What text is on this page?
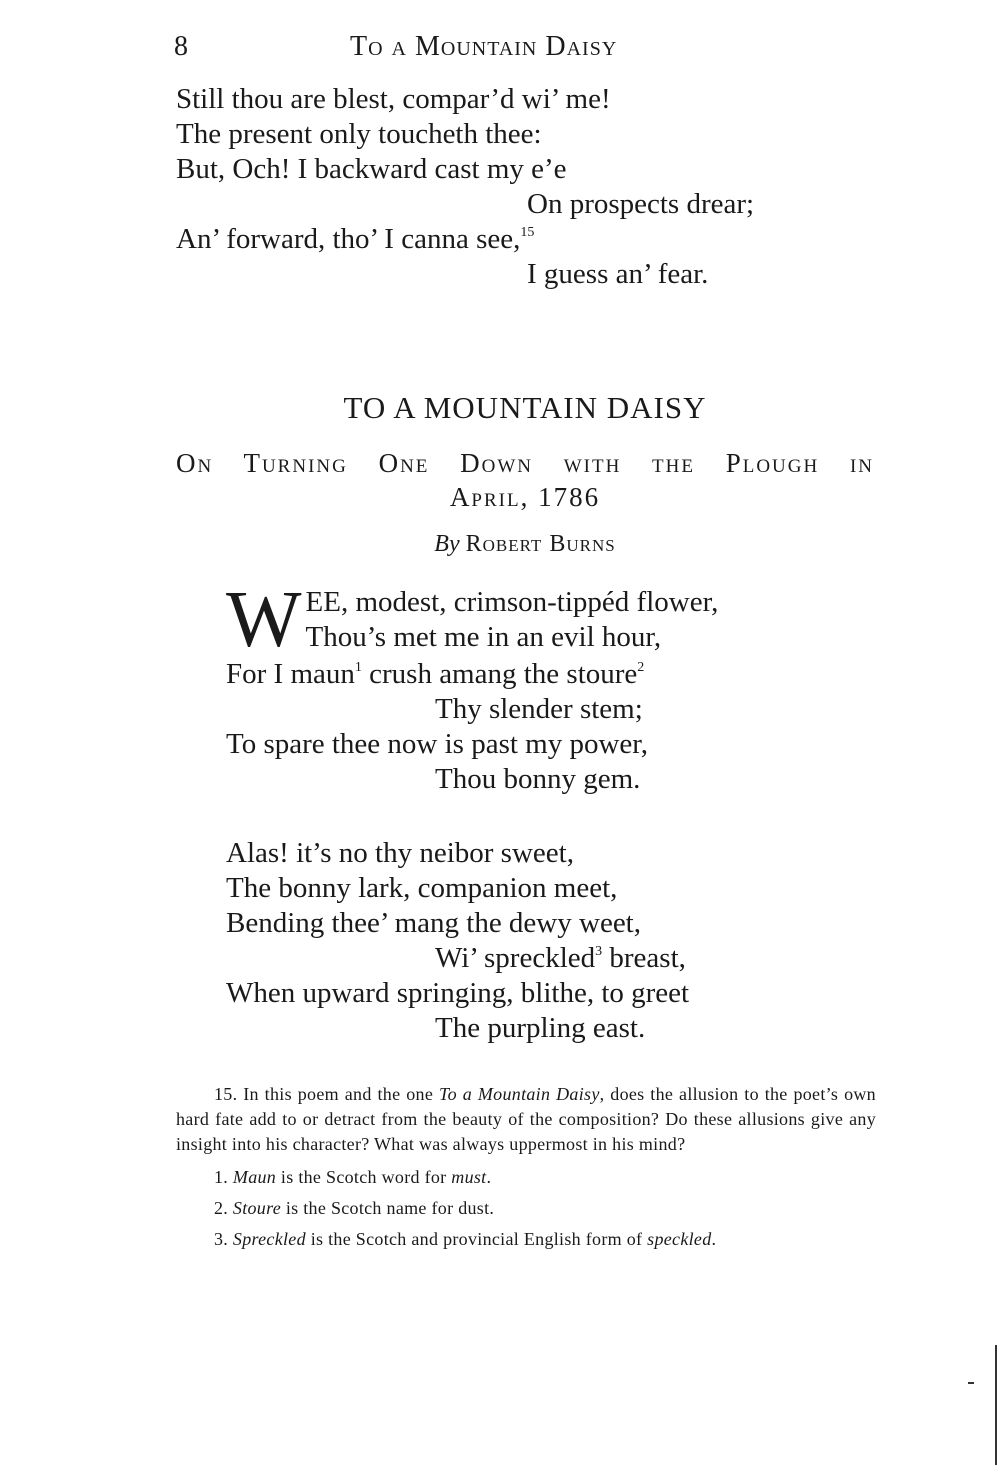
8	To a Mountain Daisy
Still thou are blest, compar’d wi’ me!
The present only toucheth thee:
But, Och! I backward cast my e’e
On prospects drear;
An’ forward, tho’ I canna see,$^{15}$
I guess an’ fear.
TO A MOUNTAIN DAISY
On Turning One Down with the Plough in
April, 1786
By Robert Burns
W EE, modest, crimson-tippéd flower,
Thou’s met me in an evil hour,
For I maun$^1$ crush amang the stoure$^2$
Thy slender stem;
To spare thee now is past my power,
Thou bonny gem.
Alas! it’s no thy neibor sweet,
The bonny lark, companion meet,
Bending thee’ mang the dewy weet,
Wi’ spreckled$^3$ breast,
When upward springing, blithe, to greet
The purpling east.

15. In this poem and the one To a Mountain Daisy, does the allusion to the poet’s own hard fate add to or detract from the beauty of the composition? Do these allusions give any insight into his character? What was always uppermost in his mind?

1. Maun is the Scotch word for must.

2. Stoure is the Scotch name for dust.

3. Spreckled is the Scotch and provincial English form of speckled.
